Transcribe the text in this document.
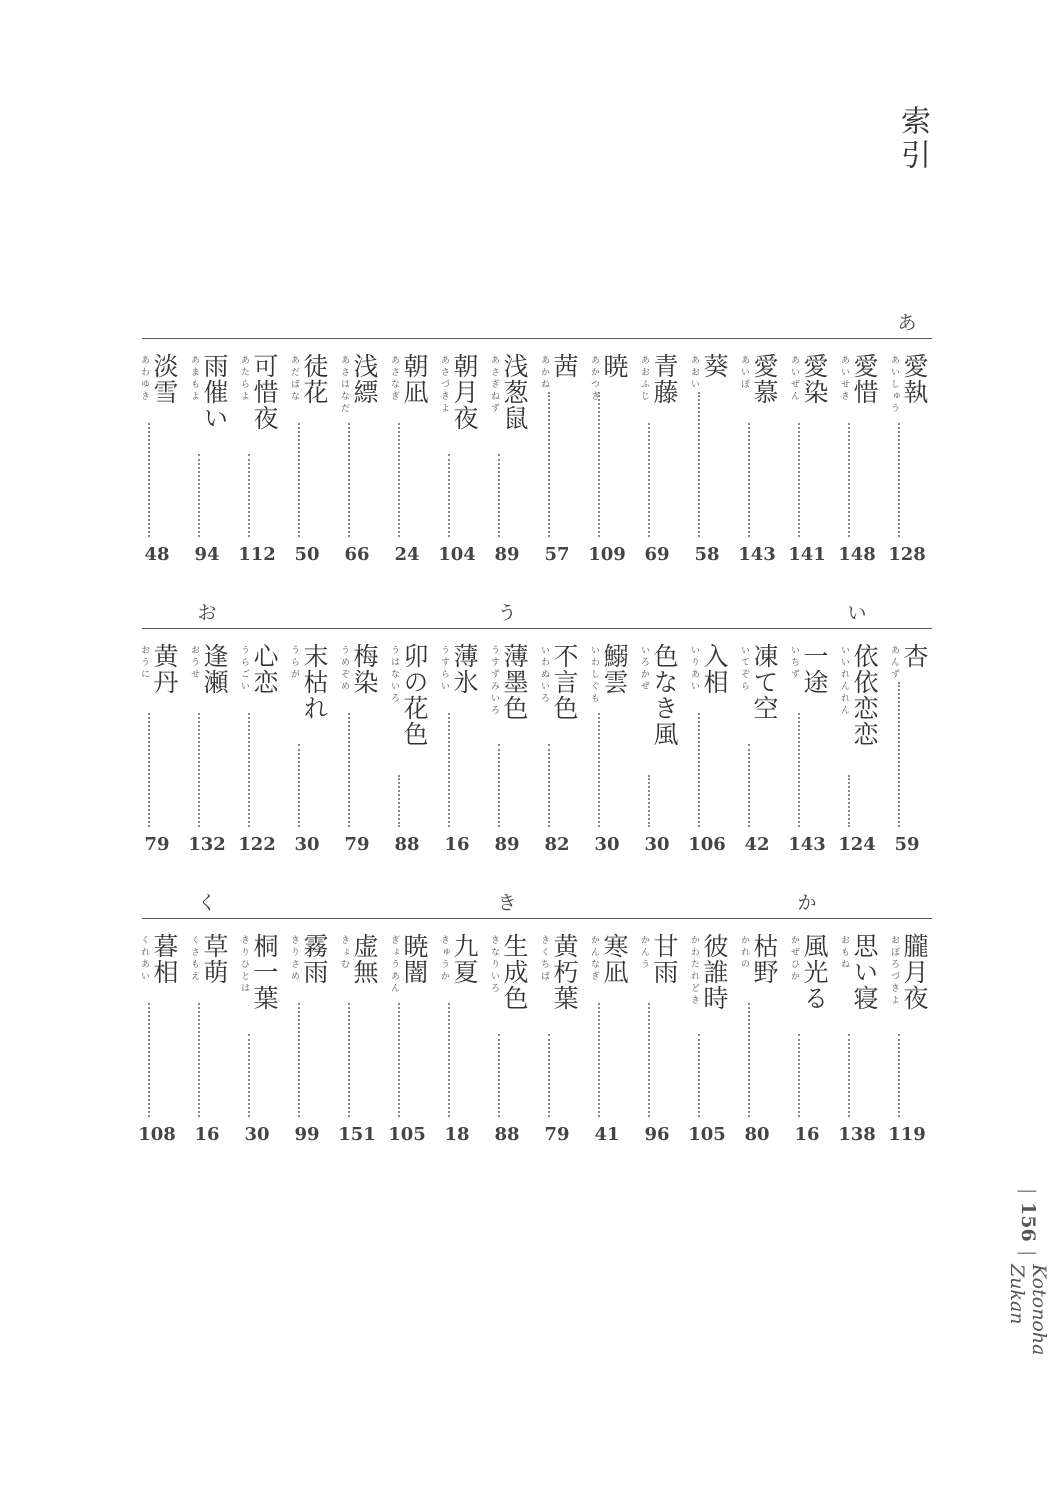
索引
あ
あいしゅう 愛執
128
あいせき 愛惜
148
あいぜん 愛染
141
あいぼ 愛慕
143
あおい 葵
58
あおふじ 青藤
69
あかつき 暁
109
あかね 茜
57
あさぎねず 浅葱鼠
89
あさづきよ 朝月夜
104
あさなぎ 朝凪
24
あさはなだ 浅縹
66
あだばな 徒花
50
あたらよ 可惜夜
112
あまもよ 雨催い
94
あわゆき 淡雪
48
い
う
お
あんず 杏
59
いいれんれん 依依恋恋
124
いちず 一途
143
いてぞら 凍て空
42
いりあい 入相
106
いろかぜ 色なき風
30
いわしぐも 鰯雲
30
いわぬいろ 不言色
82
うすずみいろ 薄墨色
89
うすらい 薄氷
16
うはないろ 卯の花色
88
うめぞめ 梅染
79
うらが 末枯れ
30
うらごい 心恋
122
おうせ 逢瀬
132
おうに 黄丹
79
か
き
く
おぼろづきよ 朧月夜
119
おもね 思い寝
138
かぜひか 風光る
16
かれの 枯野
80
かわたれどき 彼誰時
105
かんう 甘雨
96
かんなぎ 寒凪
41
きくちば 黄朽葉
79
きなりいろ 生成色
88
きゅうか 九夏
18
ぎょうあん 暁闇
105
きょむ 虚無
151
きりさめ 霧雨
99
きりひとは 桐一葉
30
くさもえ 草萌
16
くれあい 暮相
108
|
156
|
Kotonoha Zukan
